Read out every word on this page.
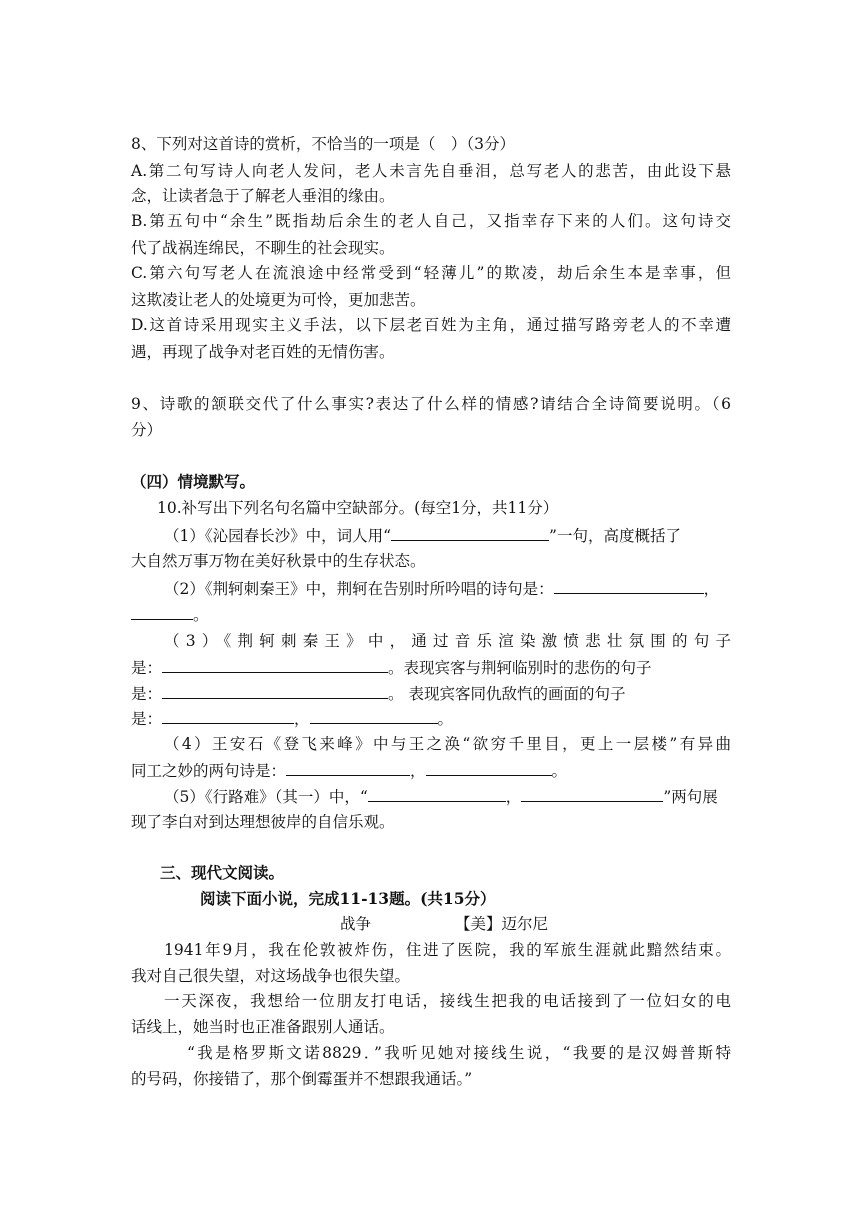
8、下列对这首诗的赏析，不恰当的一项是（　）（3分）
A.第二句写诗人向老人发问，老人未言先自垂泪，总写老人的悲苦，由此设下悬
念，让读者急于了解老人垂泪的缘由。
B.第五句中“余生”既指劫后余生的老人自己，又指幸存下来的人们。这句诗交
代了战祸连绵民，不聊生的社会现实。
C.第六句写老人在流浪途中经常受到“轻薄儿”的欺凌，劫后余生本是幸事，但
这欺凌让老人的处境更为可怜，更加悲苦。
D.这首诗采用现实主义手法，以下层老百姓为主角，通过描写路旁老人的不幸遭
遇，再现了战争对老百姓的无情伤害。
9、诗歌的颔联交代了什么事实?表达了什么样的情感?请结合全诗简要说明。（6
分）
（四）情境默写。
10.补写出下列名句名篇中空缺部分。(每空1分，共11分）
（1）《沁园春长沙》中，词人用“	”一句，高度概括了
大自然万事万物在美好秋景中的生存状态。
（2）《荆轲刺秦王》中，荆轲在告别时所吟唱的诗句是：	，
。
（3）《荆轲刺秦王》中，通过音乐渲染激愤悲壮氛围的句子
是：	。表现宾客与荆轲临别时的悲伤的句子
是：	。 表现宾客同仇敌忾的画面的句子
是：	，	。
（4）王安石《登飞来峰》中与王之涣“欲穷千里目，更上一层楼”有异曲
同工之妙的两句诗是：	，	。
（5）《行路难》（其一）中，“	，	”两句展
现了李白对到达理想彼岸的自信乐观。
三、现代文阅读。
阅读下面小说，完成11-13题。(共15分）
战争	【美】迈尔尼
1941年9月，我在伦敦被炸伤，住进了医院，我的军旅生涯就此黯然结束。
我对自己很失望，对这场战争也很失望。
一天深夜，我想给一位朋友打电话，接线生把我的电话接到了一位妇女的电
话线上，她当时也正准备跟别人通话。
“我是格罗斯文诺8829．”我听见她对接线生说，“我要的是汉姆普斯特
的号码，你接错了，那个倒霉蛋并不想跟我通话。”
